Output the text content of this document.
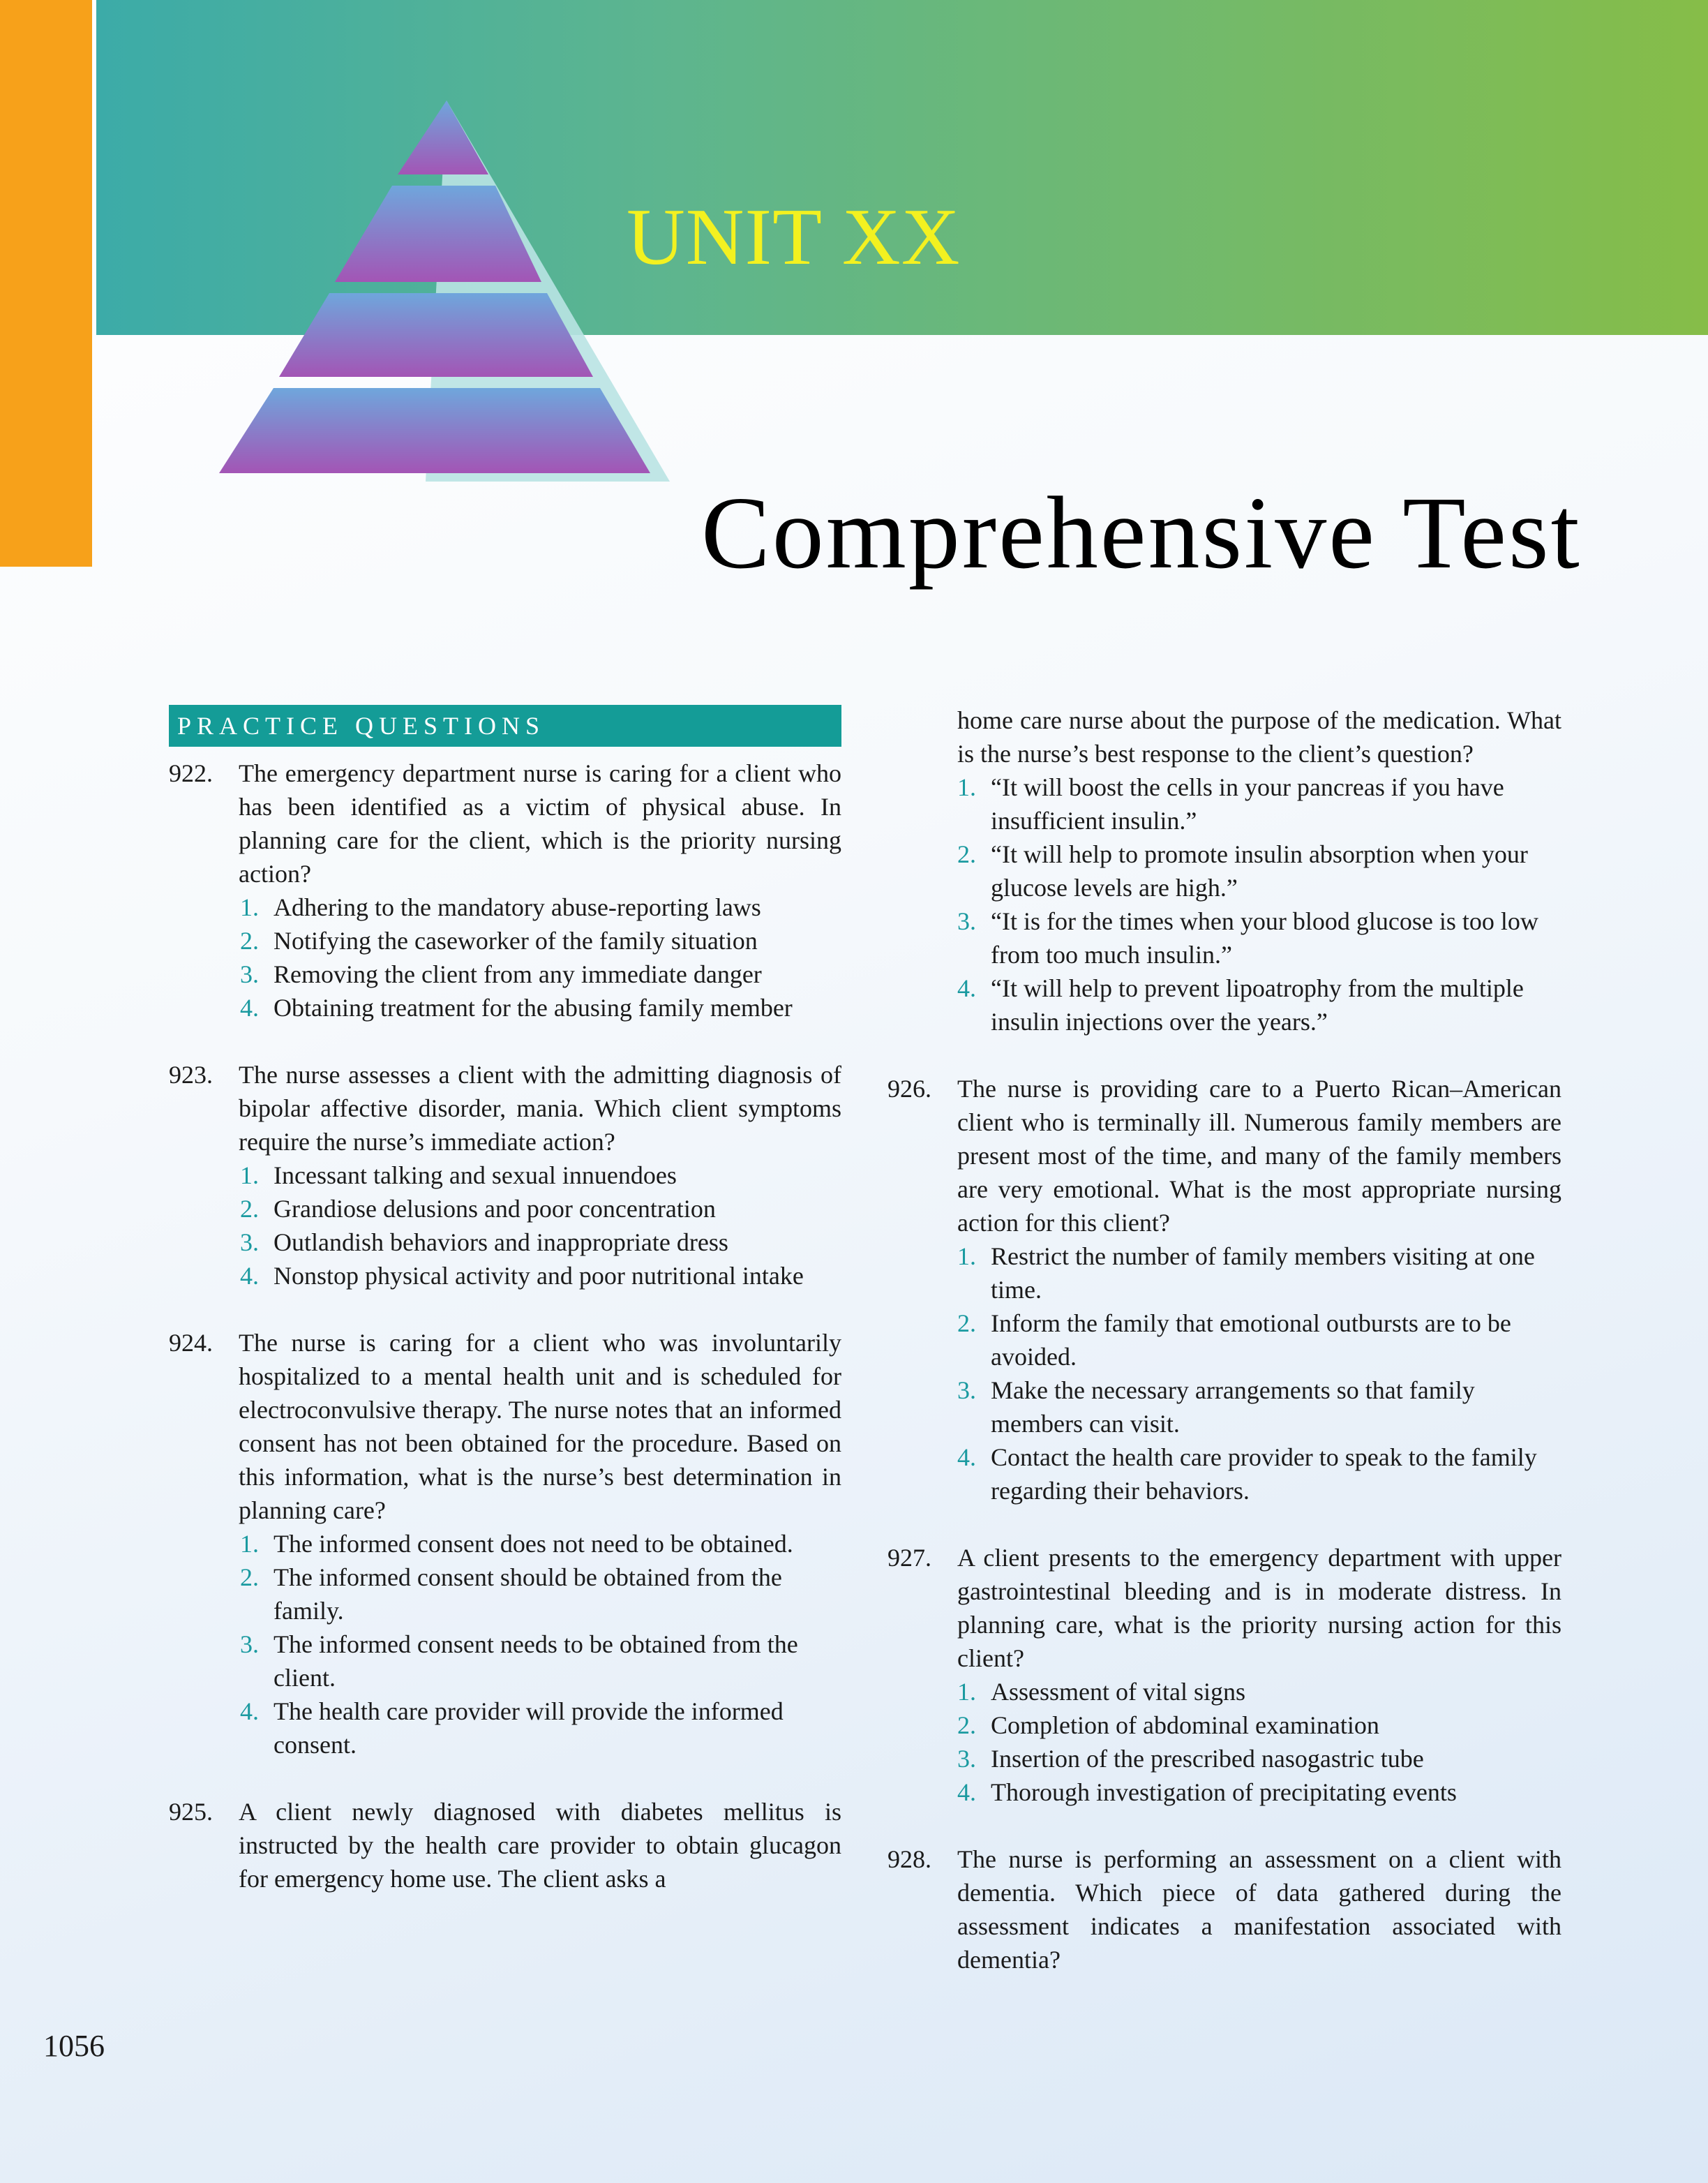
UNIT XX
Comprehensive Test
PRACTICE QUESTIONS
922. The emergency department nurse is caring for a client who has been identified as a victim of physical abuse. In planning care for the client, which is the priority nursing action?
1. Adhering to the mandatory abuse-reporting laws
2. Notifying the caseworker of the family situation
3. Removing the client from any immediate danger
4. Obtaining treatment for the abusing family member
923. The nurse assesses a client with the admitting diagnosis of bipolar affective disorder, mania. Which client symptoms require the nurse’s immediate action?
1. Incessant talking and sexual innuendoes
2. Grandiose delusions and poor concentration
3. Outlandish behaviors and inappropriate dress
4. Nonstop physical activity and poor nutritional intake
924. The nurse is caring for a client who was involuntarily hospitalized to a mental health unit and is scheduled for electroconvulsive therapy. The nurse notes that an informed consent has not been obtained for the procedure. Based on this information, what is the nurse’s best determination in planning care?
1. The informed consent does not need to be obtained.
2. The informed consent should be obtained from the family.
3. The informed consent needs to be obtained from the client.
4. The health care provider will provide the informed consent.
925. A client newly diagnosed with diabetes mellitus is instructed by the health care provider to obtain glucagon for emergency home use. The client asks a
home care nurse about the purpose of the medication. What is the nurse’s best response to the client’s question?
1. “It will boost the cells in your pancreas if you have insufficient insulin.”
2. “It will help to promote insulin absorption when your glucose levels are high.”
3. “It is for the times when your blood glucose is too low from too much insulin.”
4. “It will help to prevent lipoatrophy from the multiple insulin injections over the years.”
926. The nurse is providing care to a Puerto Rican–American client who is terminally ill. Numerous family members are present most of the time, and many of the family members are very emotional. What is the most appropriate nursing action for this client?
1. Restrict the number of family members visiting at one time.
2. Inform the family that emotional outbursts are to be avoided.
3. Make the necessary arrangements so that family members can visit.
4. Contact the health care provider to speak to the family regarding their behaviors.
927. A client presents to the emergency department with upper gastrointestinal bleeding and is in moderate distress. In planning care, what is the priority nursing action for this client?
1. Assessment of vital signs
2. Completion of abdominal examination
3. Insertion of the prescribed nasogastric tube
4. Thorough investigation of precipitating events
928. The nurse is performing an assessment on a client with dementia. Which piece of data gathered during the assessment indicates a manifestation associated with dementia?
1056
